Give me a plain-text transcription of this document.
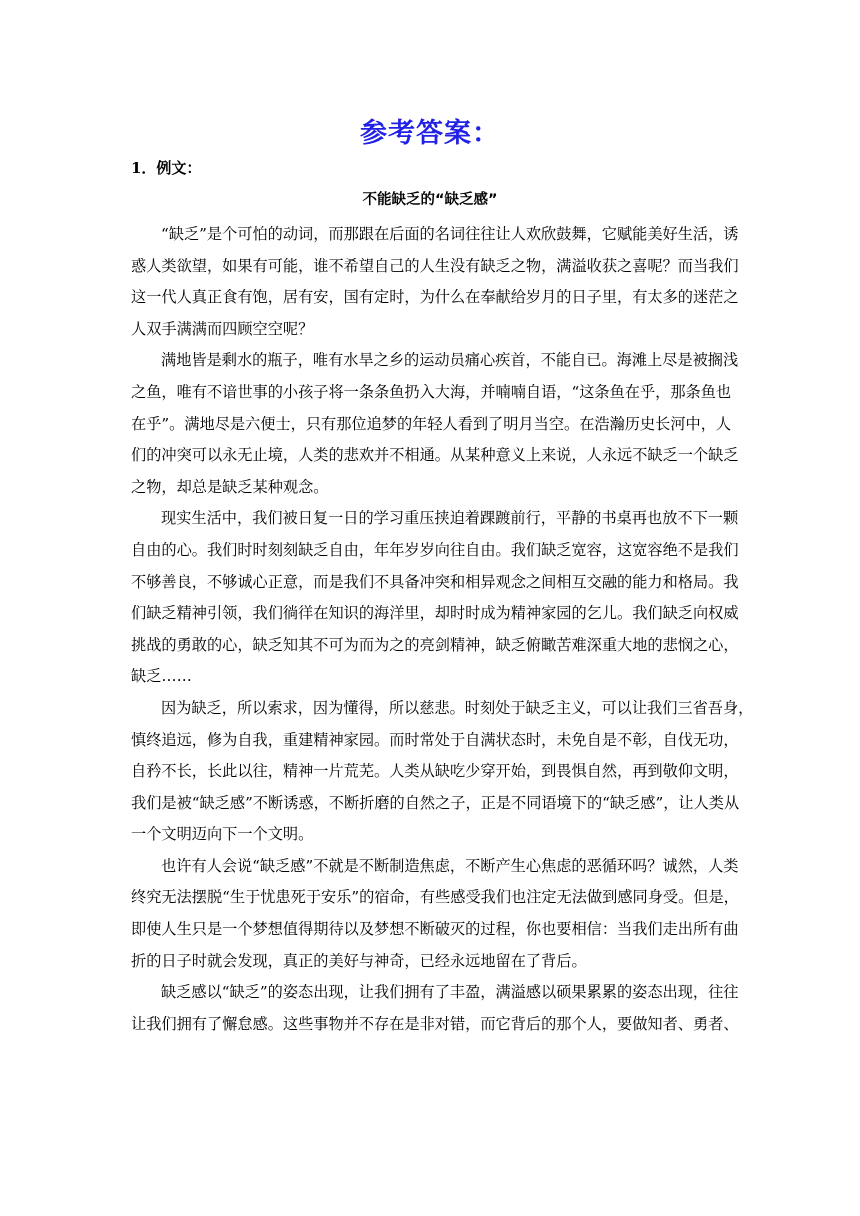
参考答案：
1．例文：
不能缺乏的“缺乏感”
“缺乏”是个可怕的动词，而那跟在后面的名词往往让人欢欣鼓舞，它赋能美好生活，诱
惑人类欲望，如果有可能，谁不希望自己的人生没有缺乏之物，满溢收获之喜呢？而当我们
这一代人真正食有饱，居有安，国有定时，为什么在奉献给岁月的日子里，有太多的迷茫之
人双手满满而四顾空空呢？
满地皆是剩水的瓶子，唯有水旱之乡的运动员痛心疾首，不能自已。海滩上尽是被搁浅
之鱼，唯有不谙世事的小孩子将一条条鱼扔入大海，并喃喃自语，“这条鱼在乎，那条鱼也
在乎”。满地尽是六便士，只有那位追梦的年轻人看到了明月当空。在浩瀚历史长河中，人
们的冲突可以永无止境，人类的悲欢并不相通。从某种意义上来说，人永远不缺乏一个缺乏
之物，却总是缺乏某种观念。
现实生活中，我们被日复一日的学习重压挟迫着踝踱前行，平静的书桌再也放不下一颗
自由的心。我们时时刻刻缺乏自由，年年岁岁向往自由。我们缺乏宽容，这宽容绝不是我们
不够善良，不够诚心正意，而是我们不具备冲突和相异观念之间相互交融的能力和格局。我
们缺乏精神引领，我们徜徉在知识的海洋里，却时时成为精神家园的乞儿。我们缺乏向权威
挑战的勇敢的心，缺乏知其不可为而为之的亮剑精神，缺乏俯瞰苦难深重大地的悲悯之心，
缺乏……
因为缺乏，所以索求，因为懂得，所以慈悲。时刻处于缺乏主义，可以让我们三省吾身，
慎终追远，修为自我，重建精神家园。而时常处于自满状态时，未免自是不彰，自伐无功，
自矜不长，长此以往，精神一片荒芜。人类从缺吃少穿开始，到畏惧自然，再到敬仰文明，
我们是被“缺乏感”不断诱惑，不断折磨的自然之子，正是不同语境下的“缺乏感”，让人类从
一个文明迈向下一个文明。
也许有人会说“缺乏感”不就是不断制造焦虑，不断产生心焦虑的恶循环吗？诚然，人类
终究无法摆脱“生于忧患死于安乐”的宿命，有些感受我们也注定无法做到感同身受。但是，
即使人生只是一个梦想值得期待以及梦想不断破灭的过程，你也要相信：当我们走出所有曲
折的日子时就会发现，真正的美好与神奇，已经永远地留在了背后。
缺乏感以“缺乏”的姿态出现，让我们拥有了丰盈，满溢感以硕果累累的姿态出现，往往
让我们拥有了懈怠感。这些事物并不存在是非对错，而它背后的那个人，要做知者、勇者、
